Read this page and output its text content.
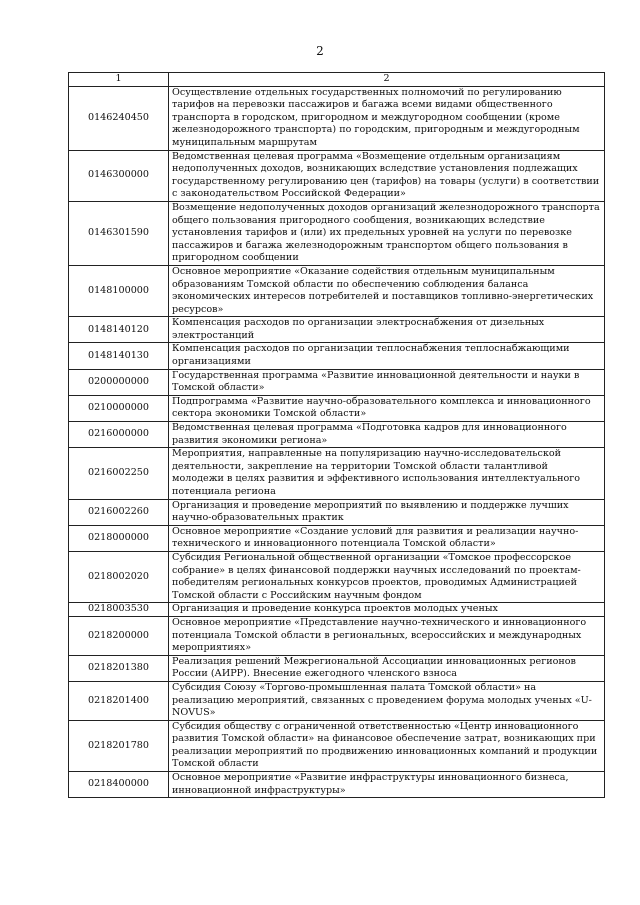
2
1	2
0146240450	Осуществление отдельных государственных полномочий по регулированию тарифов на перевозки пассажиров и багажа всеми видами общественного транспорта в городском, пригородном и междугородном сообщении (кроме железнодорожного транспорта) по городским, пригородным и междугородным муниципальным маршрутам
0146300000	Ведомственная целевая программа «Возмещение отдельным организациям недополученных доходов, возникающих вследствие установления подлежащих государственному регулированию цен (тарифов) на товары (услуги) в соответствии с законодательством Российской Федерации»
0146301590	Возмещение недополученных доходов организаций железнодорожного транспорта общего пользования пригородного сообщения, возникающих вследствие установления тарифов и (или) их предельных уровней на услуги по перевозке пассажиров и багажа железнодорожным транспортом общего пользования в пригородном сообщении
0148100000	Основное мероприятие «Оказание содействия отдельным муниципальным образованиям Томской области по обеспечению соблюдения баланса экономических интересов потребителей и поставщиков топливно-энергетических ресурсов»
0148140120	Компенсация расходов по организации электроснабжения от дизельных электростанций
0148140130	Компенсация расходов по организации теплоснабжения теплоснабжающими организациями
0200000000	Государственная программа «Развитие инновационной деятельности и науки в Томской области»
0210000000	Подпрограмма «Развитие научно-образовательного комплекса и инновационного сектора экономики Томской области»
0216000000	Ведомственная целевая программа «Подготовка кадров для инновационного развития экономики региона»
0216002250	Мероприятия, направленные на популяризацию научно-исследовательской деятельности, закрепление на территории Томской области талантливой молодежи в целях развития и эффективного использования интеллектуального потенциала региона
0216002260	Организация и проведение мероприятий по выявлению и поддержке лучших научно-образовательных практик
0218000000	Основное мероприятие «Создание условий для развития и реализации научно-технического и инновационного потенциала Томской области»
0218002020	Субсидия Региональной общественной организации «Томское профессорское собрание» в целях финансовой поддержки научных исследований по проектам-победителям региональных конкурсов проектов, проводимых Администрацией Томской области с Российским научным фондом
0218003530	Организация и проведение конкурса проектов молодых ученых
0218200000	Основное мероприятие «Представление научно-технического и инновационного потенциала Томской области в региональных, всероссийских и международных мероприятиях»
0218201380	Реализация решений Межрегиональной Ассоциации инновационных регионов России (АИРР). Внесение ежегодного членского взноса
0218201400	Субсидия Союзу «Торгово-промышленная палата Томской области» на реализацию мероприятий, связанных с проведением форума молодых ученых «U-NOVUS»
0218201780	Субсидия обществу с ограниченной ответственностью «Центр инновационного развития Томской области» на финансовое обеспечение затрат, возникающих при реализации мероприятий по продвижению инновационных компаний и продукции Томской области
0218400000	Основное мероприятие «Развитие инфраструктуры инновационного бизнеса, инновационной инфраструктуры»
